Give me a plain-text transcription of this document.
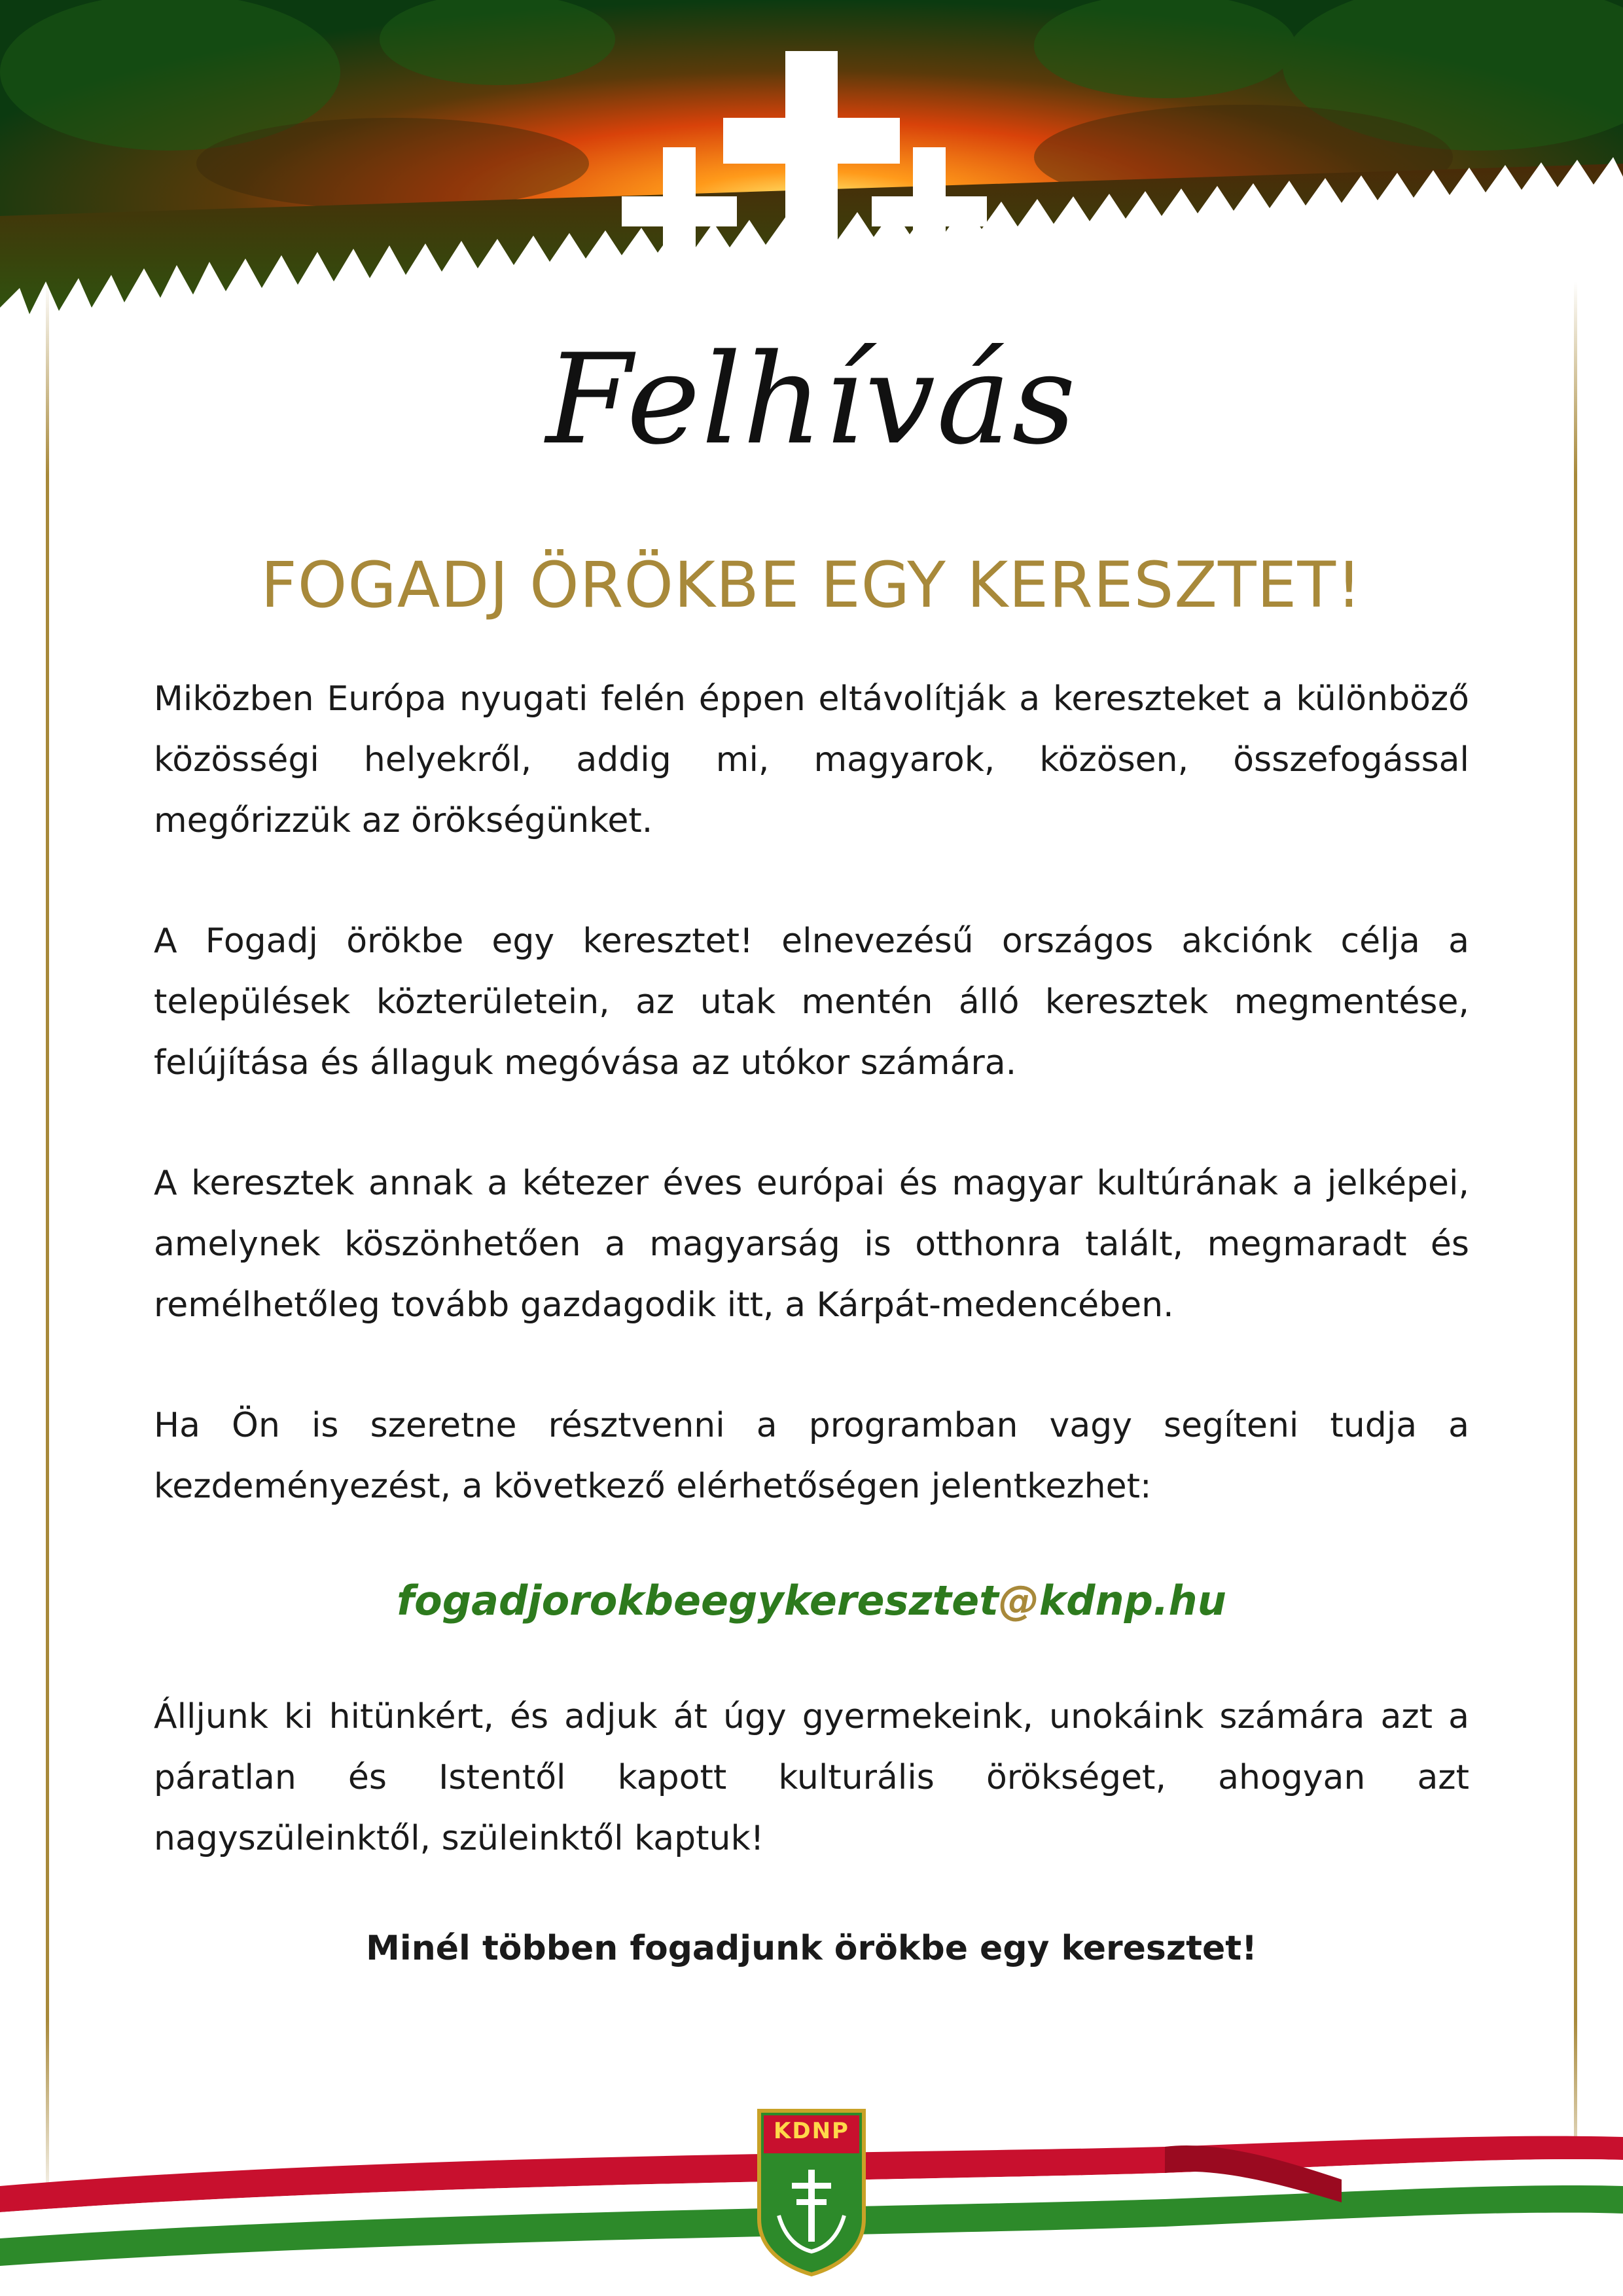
Felhívás
FOGADJ ÖRÖKBE EGY KERESZTET!

Miközben Európa nyugati felén éppen eltávolítják a kereszteket a különböző közösségi helyekről, addig mi, magyarok, közösen, összefogással megőrizzük az örökségünket.

A Fogadj örökbe egy keresztet! elnevezésű országos akciónk célja a települések közterületein, az utak mentén álló keresztek megmentése, felújítása és állaguk megóvása az utókor számára.

A keresztek annak a kétezer éves európai és magyar kultúrának a jelképei, amelynek köszönhetően a magyarság is otthonra talált, megmaradt és remélhetőleg tovább gazdagodik itt, a Kárpát-medencében.

Ha Ön is szeretne résztvenni a programban vagy segíteni tudja a kezdeményezést, a következő elérhetőségen jelentkezhet:

fogadjorokbeegykeresztet@kdnp.hu

Álljunk ki hitünkért, és adjuk át úgy gyermekeink, unokáink számára azt a páratlan és Istentől kapott kulturális örökséget, ahogyan azt nagyszüleinktől, szüleinktől kaptuk!

Minél többen fogadjunk örökbe egy keresztet!

KDNP
